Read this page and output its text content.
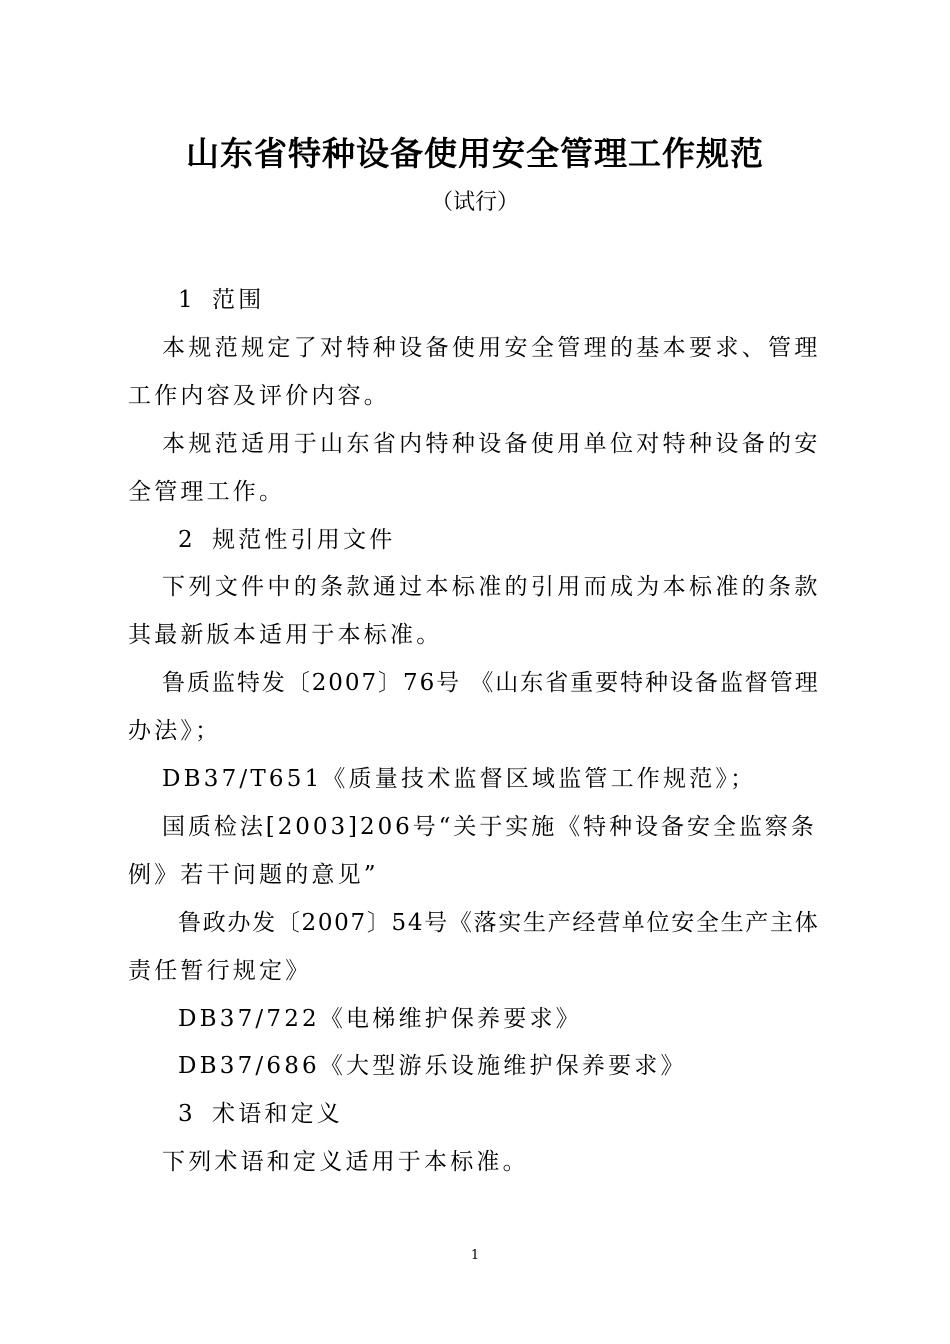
山东省特种设备使用安全管理工作规范
（试行）
1 范围
本规范规定了对特种设备使用安全管理的基本要求、管理
工作内容及评价内容。
本规范适用于山东省内特种设备使用单位对特种设备的安
全管理工作。
2 规范性引用文件
下列文件中的条款通过本标准的引用而成为本标准的条款
其最新版本适用于本标准。
鲁质监特发〔2007〕76号 《山东省重要特种设备监督管理
办法》；
DB37/T651《质量技术监督区域监管工作规范》；
国质检法[2003]206号“关于实施《特种设备安全监察条
例》若干问题的意见”
鲁政办发〔2007〕54号《落实生产经营单位安全生产主体
责任暂行规定》
DB37/722《电梯维护保养要求》
DB37/686《大型游乐设施维护保养要求》
3 术语和定义
下列术语和定义适用于本标准。
1
